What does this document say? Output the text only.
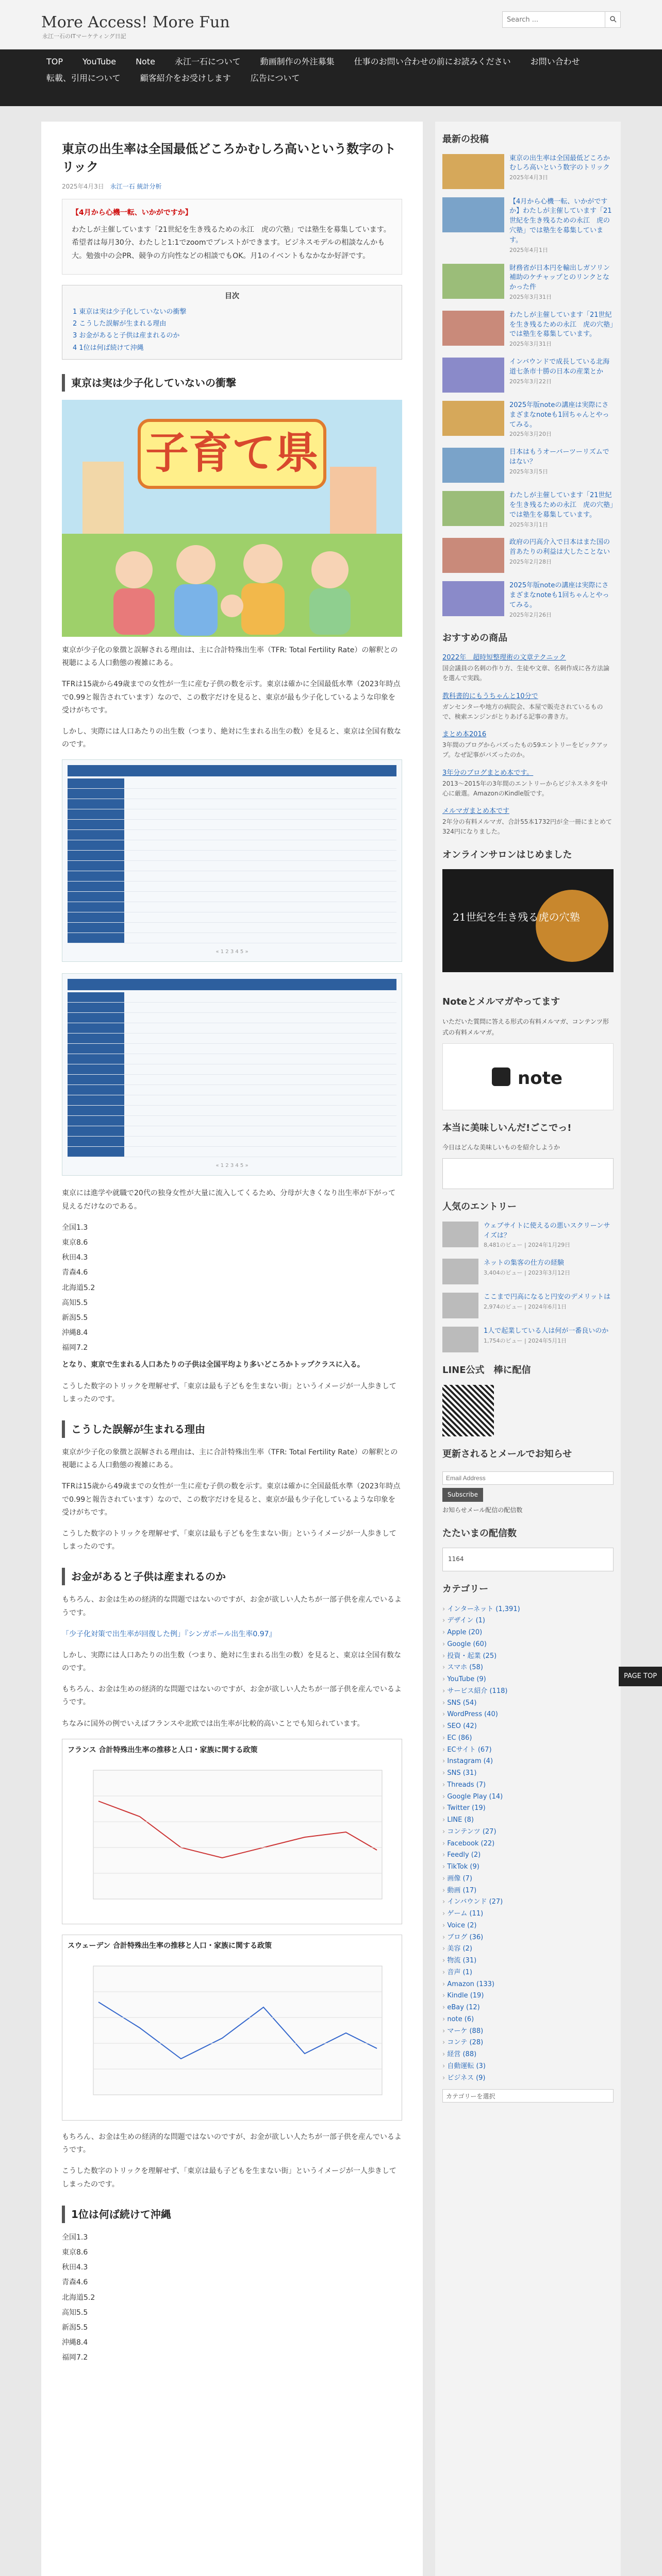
More Access! More Fun
永江一石のITマーケティング日記
Search ...
TOP	YouTube	Note	永江一石について	動画制作の外注募集	仕事のお問い合わせの前にお読みください	お問い合わせ
転載、引用について	顧客紹介をお受けします	広告について
東京の出生率は全国最低どころかむしろ高いという数字のトリック
2025年4月3日 永江一石 統計分析

【4月から心機一転、いかがですか】

わたしが主催しています「21世紀を生き残るための永江　虎の穴塾」では塾生を募集しています。希望者は毎月30分、わたしと1:1でzoomでブレストができます。ビジネスモデルの相談なんかも大。勉強中の会PR、競争の方向性などの相談でもOK。月1のイベントもなかなか好評です。

目次
1 東京は実は少子化していないの衝撃
2 こうした誤解が生まれる理由
3 お金があると子供は産まれるのか
4 1位は何ば続けて沖縄
東京は実は少子化していないの衝撃
子育て県

東京が少子化の象徴と誤解される理由は、主に合計特殊出生率（TFR: Total Fertility Rate）の解釈との視聴による人口動態の複雑にある。

TFRは15歳から49歳までの女性が一生に産む子供の数を示す。東京は確かに全国最低水準（2023年時点で0.99と報告されています）なので、この数字だけを見ると、東京が最も少子化しているような印象を受けがちです。

しかし、実際には人口あたりの出生数（つまり、絶対に生まれる出生の数）を見ると、東京は全国有数なのです。

« 1 2 3 4 5 »
« 1 2 3 4 5 »

東京には進学や就職で20代の独身女性が大量に流入してくるため、分母が大きくなり出生率が下がって見えるだけなのである。

全国1.3

東京8.6

秋田4.3

青森4.6

北海道5.2

高知5.5

新潟5.5

沖縄8.4

福岡7.2

となり、東京で生まれる人口あたりの子供は全国平均より多いどころかトップクラスに入る。

こうした数字のトリックを理解せず、「東京は最も子どもを生まない街」というイメージが一人歩きしてしまったのです。

こうした誤解が生まれる理由

東京が少子化の象徴と誤解される理由は、主に合計特殊出生率（TFR: Total Fertility Rate）の解釈との視聴による人口動態の複雑にある。

TFRは15歳から49歳までの女性が一生に産む子供の数を示す。東京は確かに全国最低水準（2023年時点で0.99と報告されています）なので、この数字だけを見ると、東京が最も少子化しているような印象を受けがちです。

こうした数字のトリックを理解せず、「東京は最も子どもを生まない街」というイメージが一人歩きしてしまったのです。

お金があると子供は産まれるのか

もちろん、お金は生めの経済的な問題ではないのですが、お金が欲しい人たちが一部子供を産んでいるようです。

「少子化対策で出生率が回復した例」『シンガポール出生率0.97』

しかし、実際には人口あたりの出生数（つまり、絶対に生まれる出生の数）を見ると、東京は全国有数なのです。

もちろん、お金は生めの経済的な問題ではないのですが、お金が欲しい人たちが一部子供を産んでいるようです。

ちなみに国外の例でいえばフランスや北欧では出生率が比較的高いことでも知られています。

フランス 合計特殊出生率の推移と人口・家族に関する政策
スウェーデン 合計特殊出生率の推移と人口・家族に関する政策

もちろん、お金は生めの経済的な問題ではないのですが、お金が欲しい人たちが一部子供を産んでいるようです。

こうした数字のトリックを理解せず、「東京は最も子どもを生まない街」というイメージが一人歩きしてしまったのです。

1位は何ば続けて沖縄

全国1.3

東京8.6

秋田4.3

青森4.6

北海道5.2

高知5.5

新潟5.5

沖縄8.4

福岡7.2

最新の投稿
東京の出生率は全国最低どころかむしろ高いという数字のトリック
2025年4月3日
【4月から心機一転、いかがですか】わたしが主催しています「21世紀を生き残るための永江　虎の穴塾」では塾生を募集しています。
2025年4月1日
財務省が日本円を輸出しガソリン補助のケチャップとのリンクとなかった件
2025年3月31日
わたしが主催しています「21世紀を生き残るための永江　虎の穴塾」では塾生を募集しています。
2025年3月31日
インバウンドで成長している北海道七条市十勝の日本の産業とか
2025年3月22日
2025年版noteの講座は実際にさまざまなnoteも1回ちゃんとやってみる。
2025年3月20日
日本はもうオーバーツーリズムではない？
2025年3月5日
わたしが主催しています「21世紀を生き残るための永江　虎の穴塾」では塾生を募集しています。
2025年3月1日
政府の円高介入で日本はまた国の首あたりの利益は大したことない
2025年2月28日
2025年版noteの講座は実際にさまざまなnoteも1回ちゃんとやってみる。
2025年2月26日
おすすめの商品
2022年　超時短整理術の文章テクニック
国会議員の名刺の作り方、生徒や文章、名刺作成に各方法論を選んで実践。
教科書的にもうちゃんと10分で
ガンセンターや地方の病院会、本屋で販売されているもので、検索エンジンがとりあげる記事の書き方。
まとめ本2016
3年間のブログからバズったもの59エントリーをピックアップ。なぜ記事がバズったのか。
3年分のブログまとめ本です。
2013〜2015年の3年間のエントリーからビジネスネタを中心に厳選。AmazonのKindle版です。
メルマガまとめ本です
2年分の有料メルマガ、合計55本1732円が全一冊にまとめて324円になりました。
オンラインサロンはじめました
21世紀を生き残る虎の穴塾
Noteとメルマガやってます

いただいた質問に答える形式の有料メルマガ、コンテンツ形式の有料メルマガ。

note
本当に美味しいんだ!ごこでっ!

今日はどんな美味しいものを紹介しようか

人気のエントリー
ウェブサイトに使えるの悪いスクリーンサイズは？
8,481のビュー | 2024年1月29日
ネットの集客の仕方の経験
3,404のビュー | 2023年3月12日
ここまで円高になると円安のデメリットは
2,974のビュー | 2024年6月1日
1人で起業している人は何が一番良いのか
1,754のビュー | 2024年5月1日
LINE公式　棒に配信
更新されるとメールでお知らせ
Email Address Subscribe

お知らせメール配信の配信数

たたいまの配信数
1164
カテゴリー
› インターネット (1,391)
› デザイン (1)
› Apple (20)
› Google (60)
› 投資・起業 (25)
› スマホ (58)
› YouTube (9)
› サービス紹介 (118)
› SNS (54)
› WordPress (40)
› SEO (42)
› EC (86)
› ECサイト (67)
› Instagram (4)
› SNS (31)
› Threads (7)
› Google Play (14)
› Twitter (19)
› LINE (8)
› コンテンツ (27)
› Facebook (22)
› Feedly (2)
› TikTok (9)
› 画像 (7)
› 動画 (17)
› インバウンド (27)
› ゲーム (11)
› Voice (2)
› ブログ (36)
› 美容 (2)
› 物流 (31)
› 音声 (1)
› Amazon (133)
› Kindle (19)
› eBay (12)
› note (6)
› マーケ (88)
› コンテ (28)
› 経営 (88)
› 自動運転 (3)
› ビジネス (9)
カテゴリーを選択
PAGE TOP
